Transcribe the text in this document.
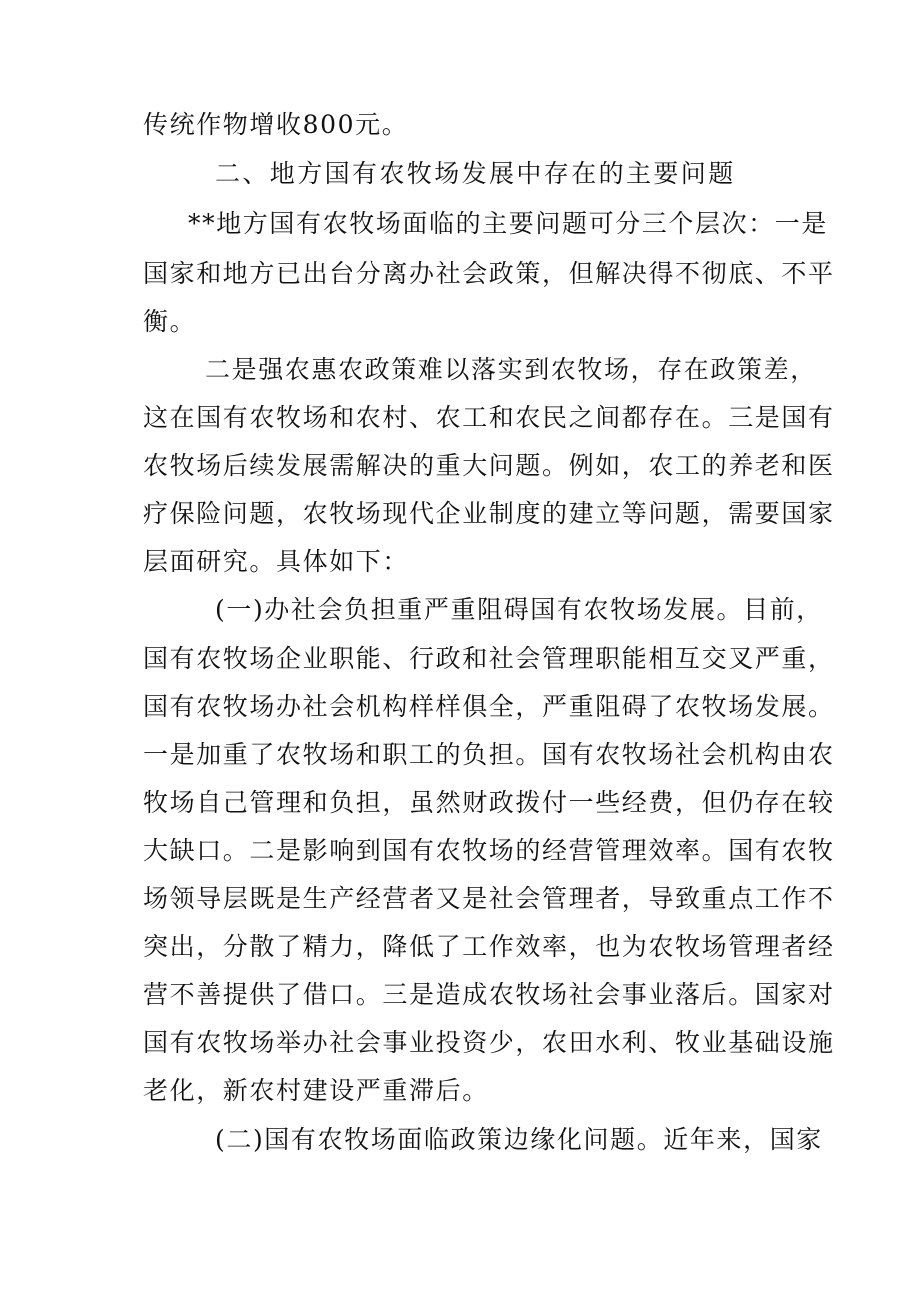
传统作物增收800元。
二、地方国有农牧场发展中存在的主要问题
**地方国有农牧场面临的主要问题可分三个层次：一是
国家和地方已出台分离办社会政策，但解决得不彻底、不平
衡。
二是强农惠农政策难以落实到农牧场，存在政策差，
这在国有农牧场和农村、农工和农民之间都存在。三是国有
农牧场后续发展需解决的重大问题。例如，农工的养老和医
疗保险问题，农牧场现代企业制度的建立等问题，需要国家
层面研究。具体如下：
(一)办社会负担重严重阻碍国有农牧场发展。目前，
国有农牧场企业职能、行政和社会管理职能相互交叉严重，
国有农牧场办社会机构样样俱全，严重阻碍了农牧场发展。
一是加重了农牧场和职工的负担。国有农牧场社会机构由农
牧场自己管理和负担，虽然财政拨付一些经费，但仍存在较
大缺口。二是影响到国有农牧场的经营管理效率。国有农牧
场领导层既是生产经营者又是社会管理者，导致重点工作不
突出，分散了精力，降低了工作效率，也为农牧场管理者经
营不善提供了借口。三是造成农牧场社会事业落后。国家对
国有农牧场举办社会事业投资少，农田水利、牧业基础设施
老化，新农村建设严重滞后。
(二)国有农牧场面临政策边缘化问题。近年来，国家
